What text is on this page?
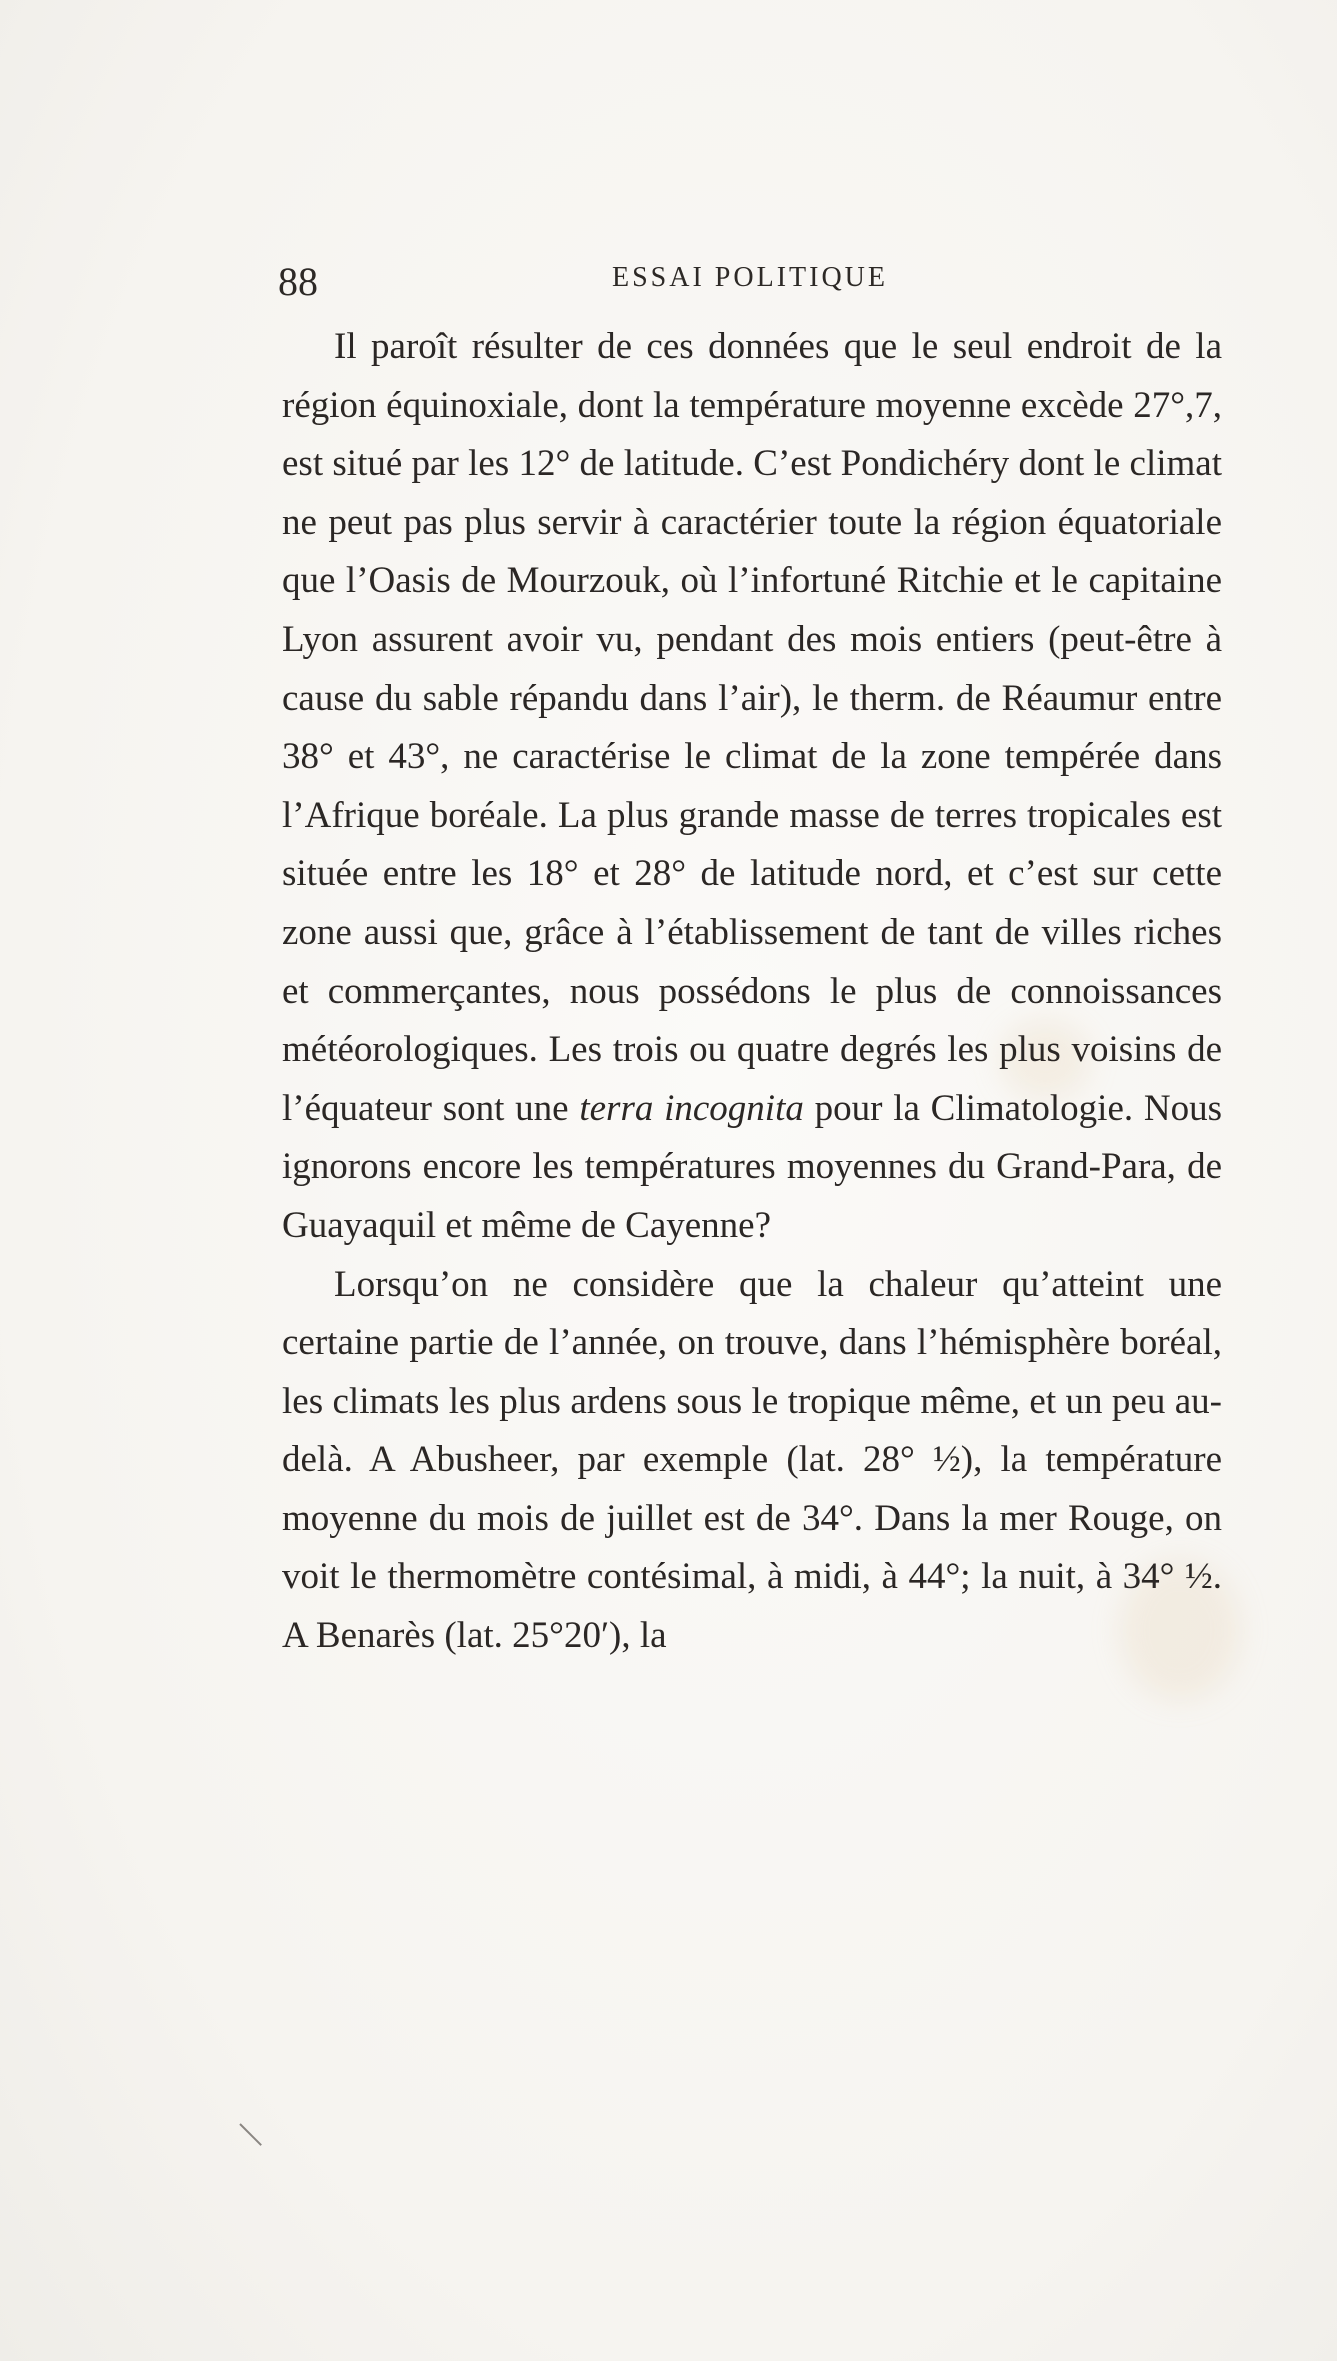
88	ESSAI POLITIQUE

Il paroît résulter de ces données que le seul endroit de la région équinoxiale, dont la température moyenne excède 27°,7, est situé par les 12° de latitude. C’est Pondichéry dont le climat ne peut pas plus servir à caractérier toute la région équatoriale que l’Oasis de Mourzouk, où l’infortuné Ritchie et le capitaine Lyon assurent avoir vu, pendant des mois entiers (peut-être à cause du sable répandu dans l’air), le therm. de Réaumur entre 38° et 43°, ne caractérise le climat de la zone tempérée dans l’Afrique boréale. La plus grande masse de terres tropicales est située entre les 18° et 28° de latitude nord, et c’est sur cette zone aussi que, grâce à l’établissement de tant de villes riches et commerçantes, nous possédons le plus de connoissances météorologiques. Les trois ou quatre degrés les plus voisins de l’équateur sont une terra incognita pour la Climatologie. Nous ignorons encore les températures moyennes du Grand-Para, de Guayaquil et même de Cayenne?

Lorsqu’on ne considère que la chaleur qu’atteint une certaine partie de l’année, on trouve, dans l’hémisphère boréal, les climats les plus ardens sous le tropique même, et un peu au-delà. A Abusheer, par exemple (lat. 28° ½), la température moyenne du mois de juillet est de 34°. Dans la mer Rouge, on voit le thermomètre contésimal, à midi, à 44°; la nuit, à 34° ½. A Benarès (lat. 25°20′), la
